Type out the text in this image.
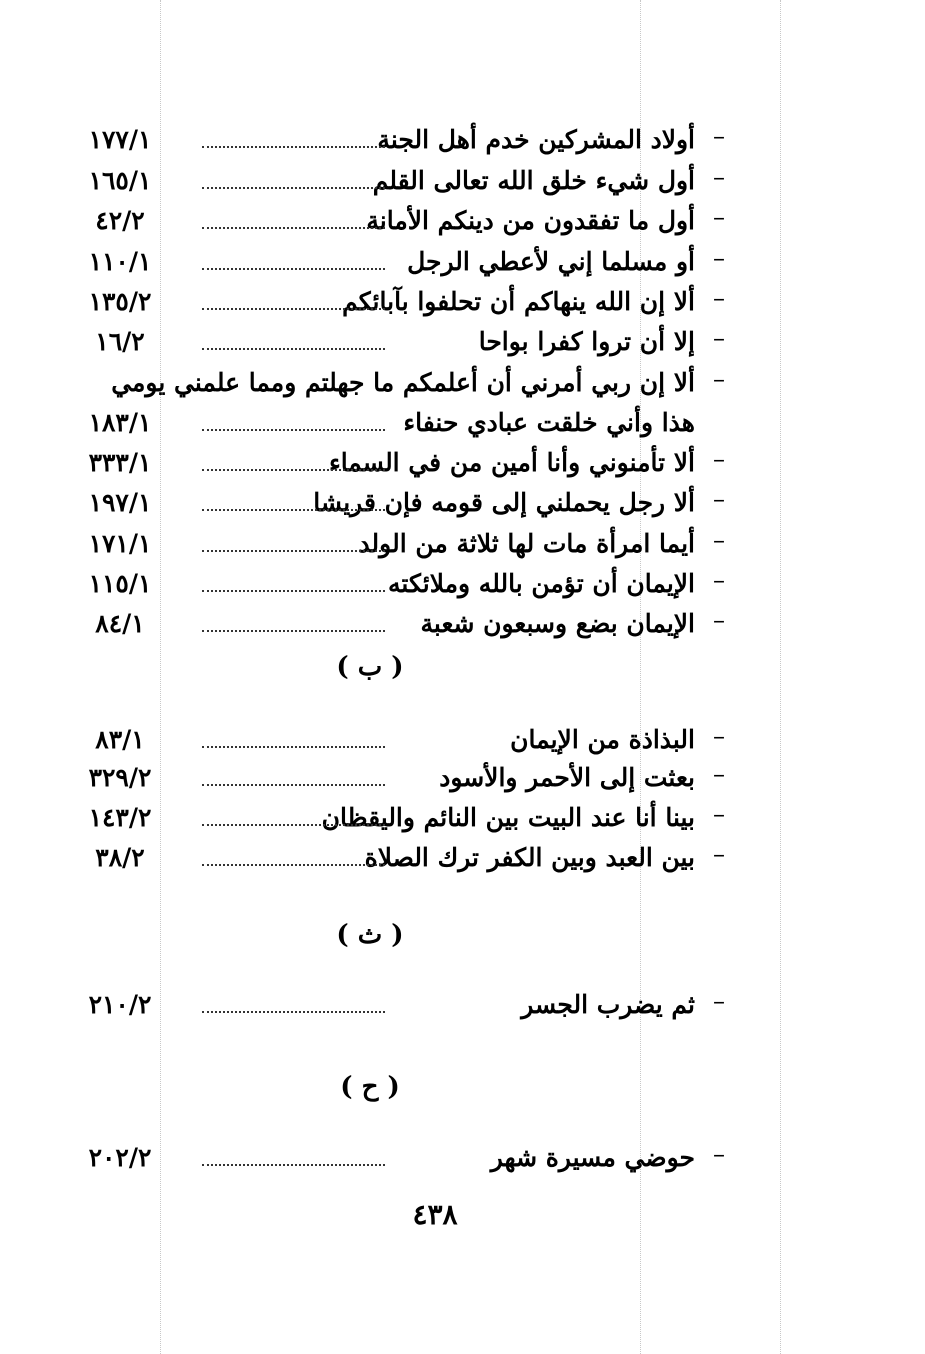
–
أولاد المشركين خدم أهل الجنة
١٧٧/١
–
أول شيء خلق الله تعالى القلم
١٦٥/١
–
أول ما تفقدون من دينكم الأمانة
٤٢/٢
–
أو مسلما إني لأعطي الرجل
١١٠/١
–
ألا إن الله ينهاكم أن تحلفوا بآبائكم
١٣٥/٢
–
إلا أن تروا كفرا بواحا
١٦/٢
–
ألا إن ربي أمرني أن أعلمكم ما جهلتم ومما علمني يومي
هذا وأني خلقت عبادي حنفاء
١٨٣/١
–
ألا تأمنوني وأنا أمين من في السماء
٣٣٣/١
–
ألا رجل يحملني إلى قومه فإن قريشا
١٩٧/١
–
أيما امرأة مات لها ثلاثة من الولد
١٧١/١
–
الإيمان أن تؤمن بالله وملائكته
١١٥/١
–
الإيمان بضع وسبعون شعبة
٨٤/١
( ب )
–
البذاذة من الإيمان
٨٣/١
–
بعثت إلى الأحمر والأسود
٣٢٩/٢
–
بينا أنا عند البيت بين النائم واليقظان
١٤٣/٢
–
بين العبد وبين الكفر ترك الصلاة
٣٨/٢
( ث )
–
ثم يضرب الجسر
٢١٠/٢
( ح )
–
حوضي مسيرة شهر
٢٠٢/٢
٤٣٨
